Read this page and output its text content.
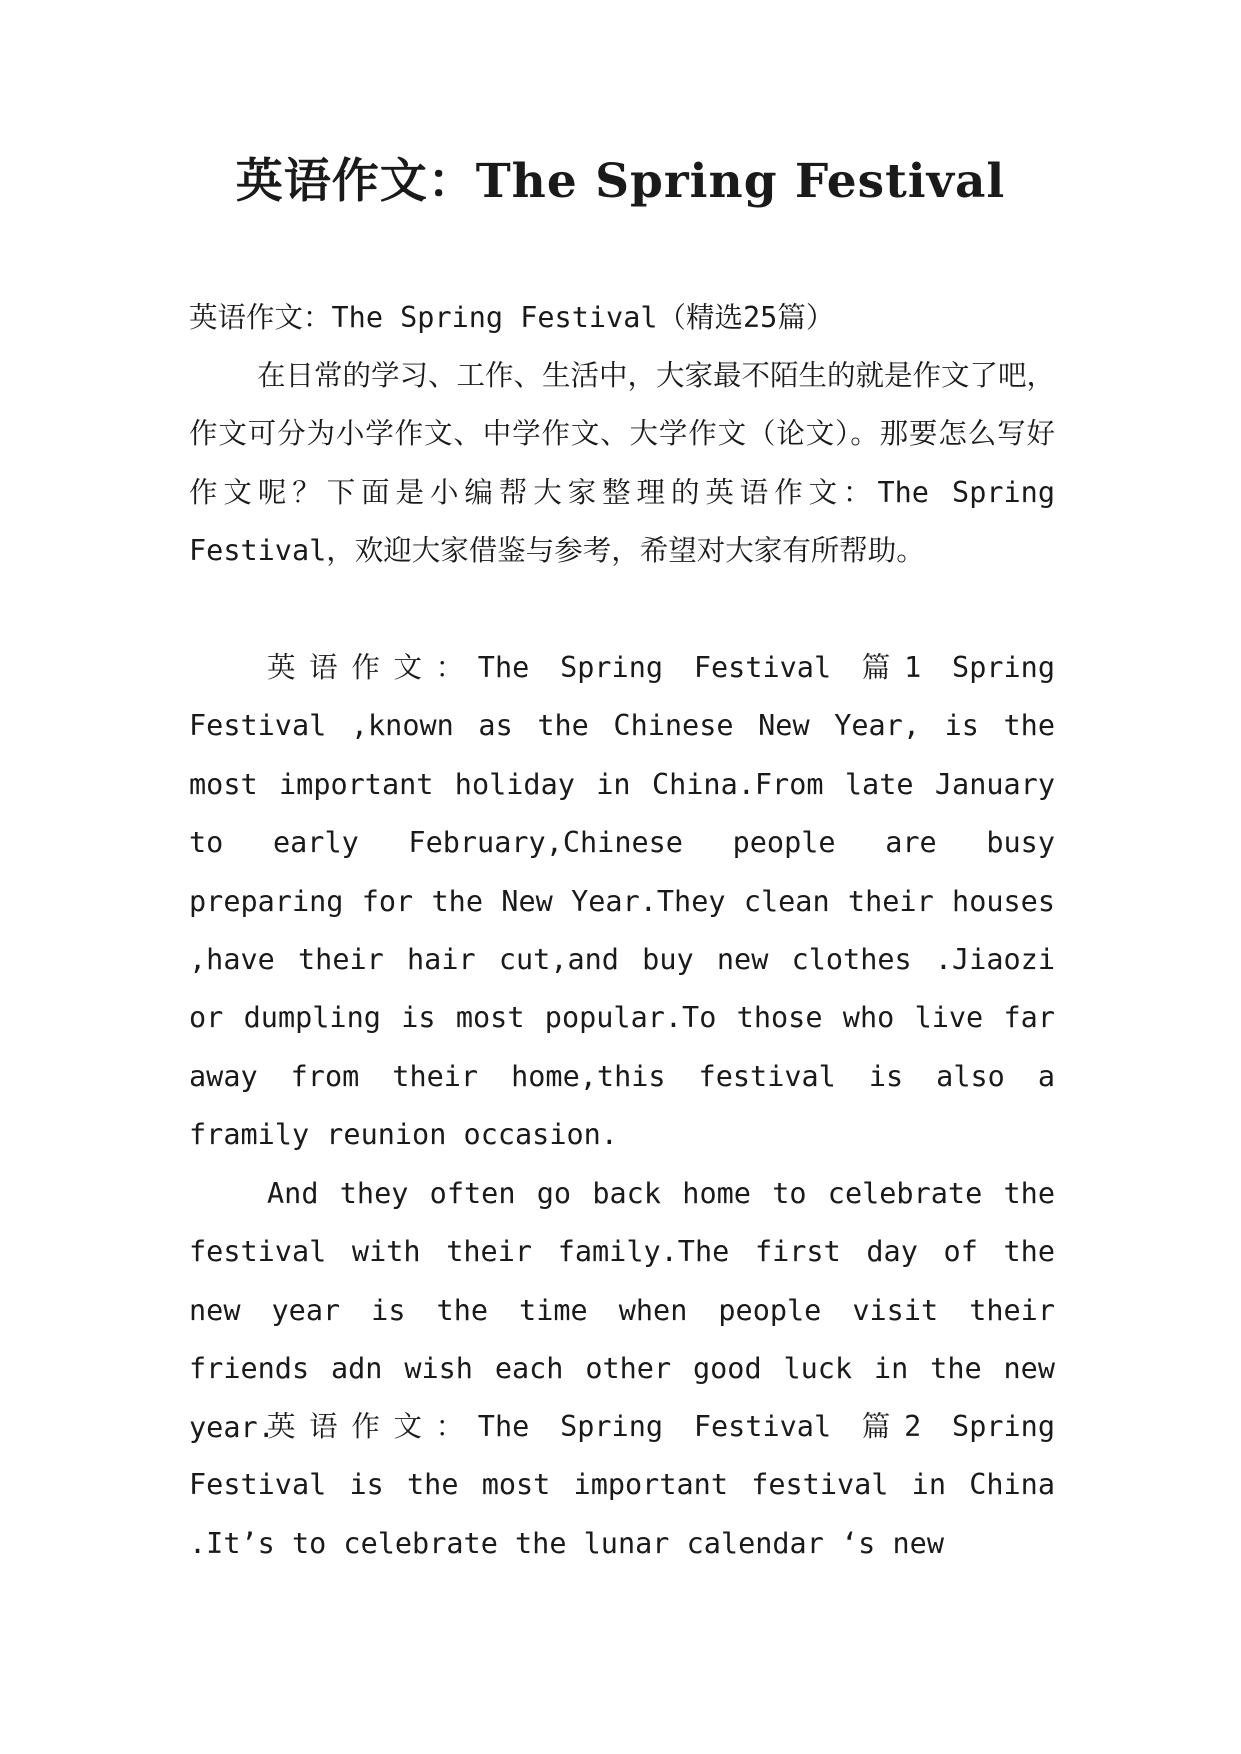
英语作文：The Spring Festival

英语作文：The Spring Festival（精选25篇）

在日常的学习、工作、生活中，大家最不陌生的就是作文了吧，作文可分为小学作文、中学作文、大学作文（论文）。那要怎么写好作文呢？下面是小编帮大家整理的英语作文：The Spring Festival，欢迎大家借鉴与参考，希望对大家有所帮助。

英语作文：The Spring Festival 篇1 Spring Festival ,known as the Chinese New Year, is the most important holiday in China.From late January to early February,Chinese people are busy preparing for the New Year.They clean their houses ,have their hair cut,and buy new clothes .Jiaozi or dumpling is most popular.To those who live far away from their home,this festival is also a framily reunion occasion.

And they often go back home to celebrate the festival with their family.The first day of the new year is the time when people visit their friends adn wish each other good luck in the new year.

英语作文：The Spring Festival 篇2 Spring Festival is the most important festival in China .It’s to celebrate the lunar calendar ‘s new
